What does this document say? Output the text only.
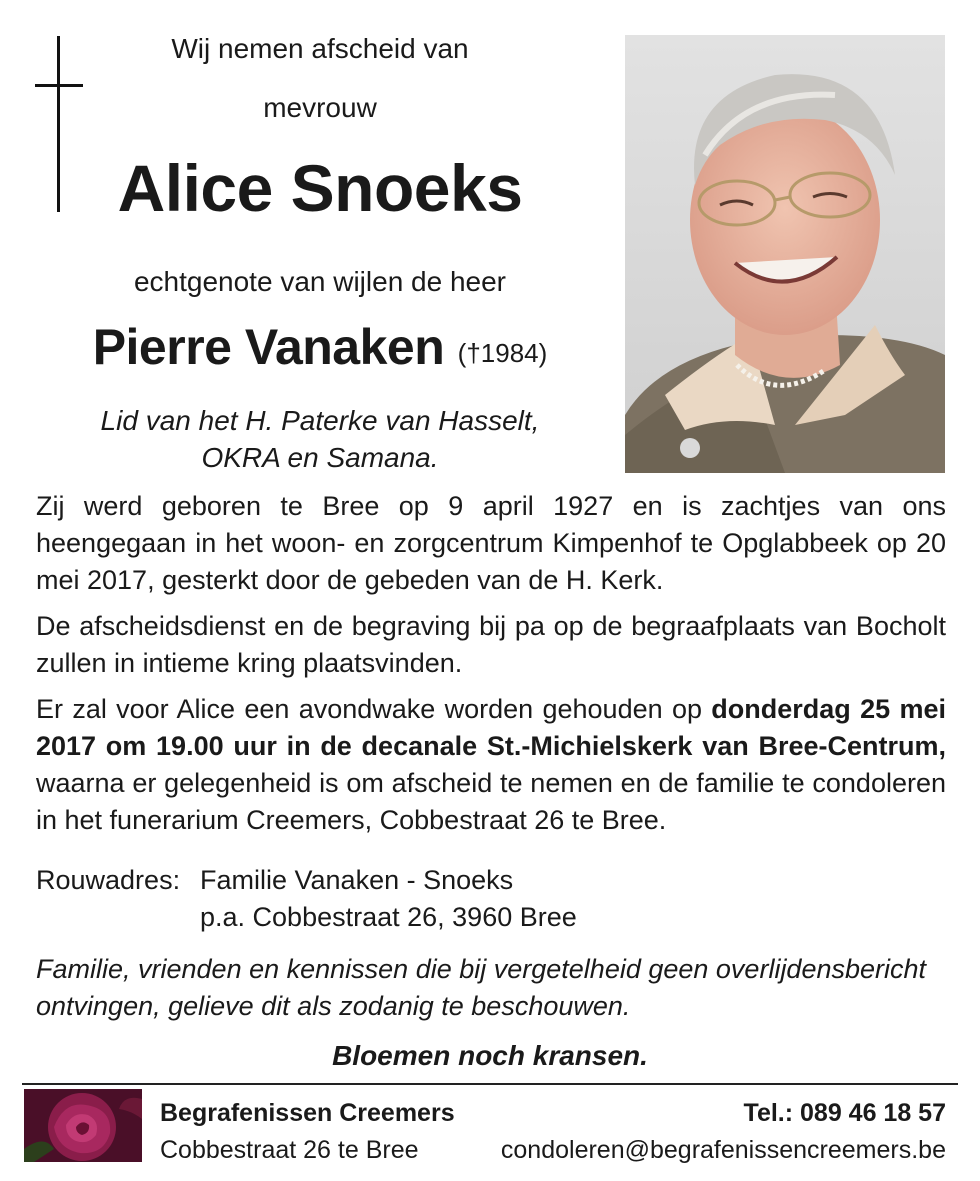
Wij nemen afscheid van
mevrouw
Alice Snoeks
echtgenote van wijlen de heer
Pierre Vanaken (†1984)
Lid van het H. Paterke van Hasselt,
OKRA en Samana.

Zij werd geboren te Bree op 9 april 1927 en is zachtjes van ons heengegaan in het woon- en zorgcentrum Kimpenhof te Opglabbeek op 20 mei 2017, gesterkt door de gebeden van de H. Kerk.

De afscheidsdienst en de begraving bij pa op de begraafplaats van Bocholt zullen in intieme kring plaatsvinden.

Er zal voor Alice een avondwake worden gehouden op donderdag 25 mei 2017 om 19.00 uur in de decanale St.-Michielskerk van Bree-Centrum, waarna er gelegenheid is om afscheid te nemen en de familie te condoleren in het funerarium Creemers, Cobbestraat 26 te Bree.

Rouwadres: Familie Vanaken - Snoeks
p.a. Cobbestraat 26, 3960 Bree
Familie, vrienden en kennissen die bij vergetelheid geen overlijdensbericht ontvingen, gelieve dit als zodanig te beschouwen.
Bloemen noch kransen.
Begrafenissen Creemers
Cobbestraat 26 te Bree
Tel.: 089 46 18 57
condoleren@begrafenissencreemers.be
